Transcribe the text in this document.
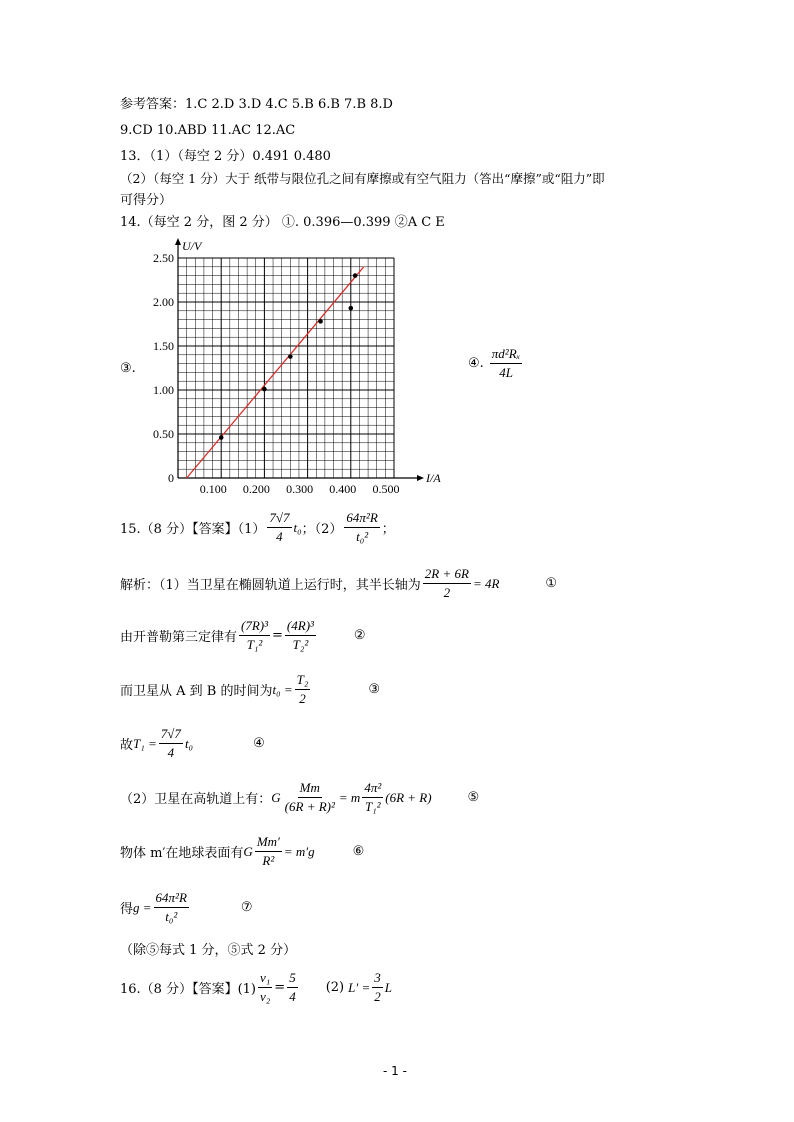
参考答案：1.C 2.D 3.D 4.C 5.B 6.B 7.B 8.D
9.CD 10.ABD 11.AC 12.AC
13．（1）（每空 2 分）0.491 0.480
（2）（每空 1 分）大于 纸带与限位孔之间有摩擦或有空气阻力（答出“摩擦”或“阻力”即
可得分）
14.（每空 2 分，图 2 分） ①. 0.396—0.399 ②A C E
③.
I/A
U/V
0
0.50
1.00
1.50
2.00
2.50
0.100 0.200 0.300 0.400 0.500
④. $\frac{\text{πd²Rₓ}}{4L}$
15.（8 分）【答案】$(1) \frac{7√7}{4} t_0$ ；$(2) \frac{\text{64π²R}}{\text{t₀²}}$ ；
解析：（1）当卫星在椭圆轨道上运行时，其半长轴为 $\frac{2R + 6R}{2} = 4R$	①
由开普勒第三定律有 $\frac{\text{(7R)³}}{\text{T₁²}} = \frac{\text{(4R)³}}{\text{T₂²}}$	②
而卫星从 A 到 B 的时间为 $t_0 = \frac{\text{T₂}}{2}$	③
故 $T_1 = \frac{7√7}{4} t_0$	④
（2）卫星在高轨道上有： G $\frac{Mm}{\text{(6R + R)²}} = m \frac{\text{4π²}}{\text{T₁²}} (6R + R)$	⑤
物体 m′在地球表面有 G $\frac{Mm'}{\text{R²}} = m'g$	⑥
得 $g = \frac{\text{64π²R}}{\text{t₀²}}$	⑦
（除⑤每式 1 分，⑤式 2 分）
16.（8 分）【答案】$(1) \frac{\text{v₁}}{\text{v₂}} = \frac{5}{4} (2) L' = \frac{3}{2}$ L
- 1 -
